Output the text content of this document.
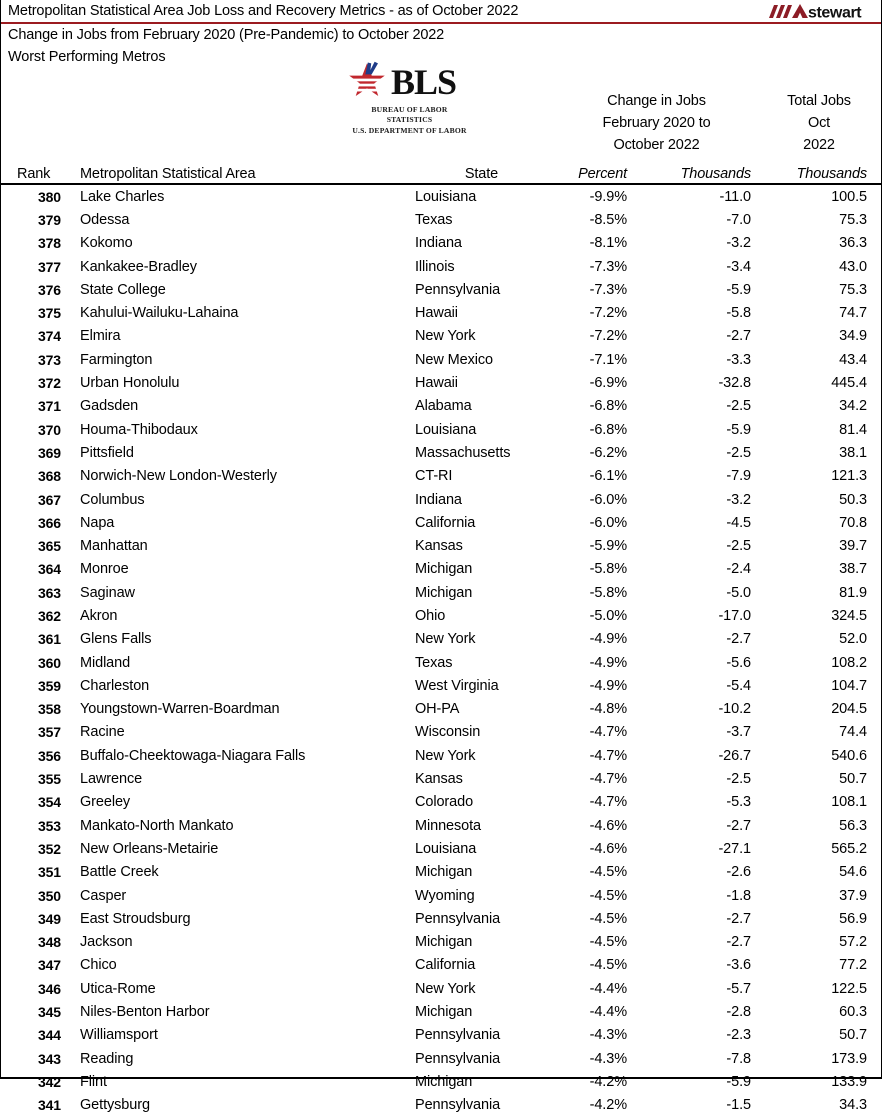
Metropolitan Statistical Area Job Loss and Recovery Metrics - as of October 2022	stewart
Change in Jobs from February 2020 (Pre-Pandemic) to October 2022
Worst Performing Metros
BLS
BUREAU OF LABOR STATISTICS
U.S. DEPARTMENT OF LABOR
Change in Jobs
February 2020 to
October 2022
Total Jobs
Oct
2022
Rank Metropolitan Statistical Area	State	Percent	Thousands	Thousands
380 Lake Charles	Louisiana	-9.9%	-11.0	100.5
379 Odessa	Texas	-8.5%	-7.0	75.3
378 Kokomo	Indiana	-8.1%	-3.2	36.3
377 Kankakee-Bradley	Illinois	-7.3%	-3.4	43.0
376 State College	Pennsylvania	-7.3%	-5.9	75.3
375 Kahului-Wailuku-Lahaina	Hawaii	-7.2%	-5.8	74.7
374 Elmira	New York	-7.2%	-2.7	34.9
373 Farmington	New Mexico	-7.1%	-3.3	43.4
372 Urban Honolulu	Hawaii	-6.9%	-32.8	445.4
371 Gadsden	Alabama	-6.8%	-2.5	34.2
370 Houma-Thibodaux	Louisiana	-6.8%	-5.9	81.4
369 Pittsfield	Massachusetts	-6.2%	-2.5	38.1
368 Norwich-New London-Westerly	CT-RI	-6.1%	-7.9	121.3
367 Columbus	Indiana	-6.0%	-3.2	50.3
366 Napa	California	-6.0%	-4.5	70.8
365 Manhattan	Kansas	-5.9%	-2.5	39.7
364 Monroe	Michigan	-5.8%	-2.4	38.7
363 Saginaw	Michigan	-5.8%	-5.0	81.9
362 Akron	Ohio	-5.0%	-17.0	324.5
361 Glens Falls	New York	-4.9%	-2.7	52.0
360 Midland	Texas	-4.9%	-5.6	108.2
359 Charleston	West Virginia	-4.9%	-5.4	104.7
358 Youngstown-Warren-Boardman	OH-PA	-4.8%	-10.2	204.5
357 Racine	Wisconsin	-4.7%	-3.7	74.4
356 Buffalo-Cheektowaga-Niagara Falls	New York	-4.7%	-26.7	540.6
355 Lawrence	Kansas	-4.7%	-2.5	50.7
354 Greeley	Colorado	-4.7%	-5.3	108.1
353 Mankato-North Mankato	Minnesota	-4.6%	-2.7	56.3
352 New Orleans-Metairie	Louisiana	-4.6%	-27.1	565.2
351 Battle Creek	Michigan	-4.5%	-2.6	54.6
350 Casper	Wyoming	-4.5%	-1.8	37.9
349 East Stroudsburg	Pennsylvania	-4.5%	-2.7	56.9
348 Jackson	Michigan	-4.5%	-2.7	57.2
347 Chico	California	-4.5%	-3.6	77.2
346 Utica-Rome	New York	-4.4%	-5.7	122.5
345 Niles-Benton Harbor	Michigan	-4.4%	-2.8	60.3
344 Williamsport	Pennsylvania	-4.3%	-2.3	50.7
343 Reading	Pennsylvania	-4.3%	-7.8	173.9
342 Flint	Michigan	-4.2%	-5.9	133.9
341 Gettysburg	Pennsylvania	-4.2%	-1.5	34.3
